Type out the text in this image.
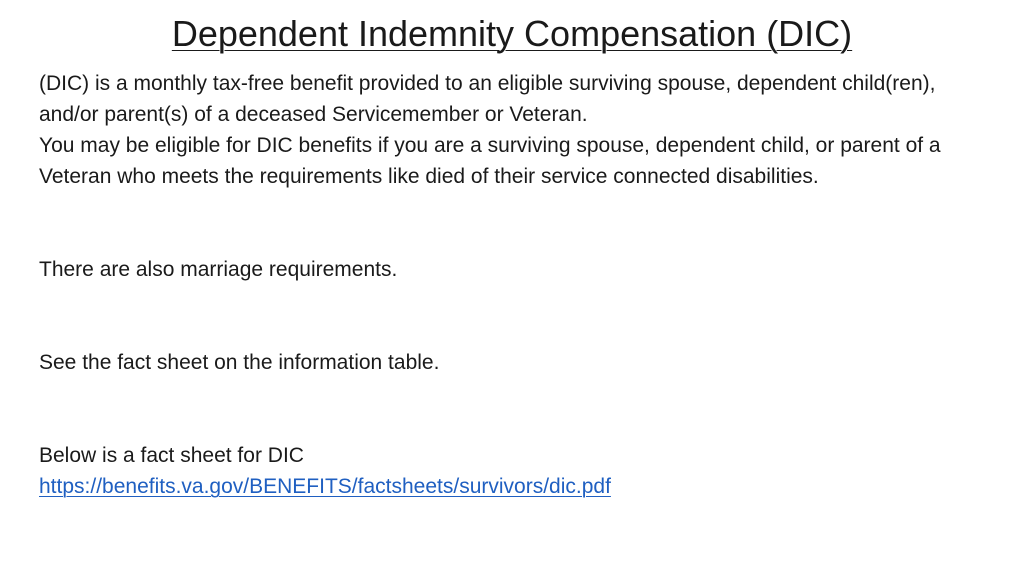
Dependent Indemnity Compensation (DIC)

(DIC) is a monthly tax-free benefit provided to an eligible surviving spouse, dependent child(ren), and/or parent(s) of a deceased Servicemember or Veteran.

You may be eligible for DIC benefits if you are a surviving spouse, dependent child, or parent of a Veteran who meets the requirements like died of their service connected disabilities.

There are also marriage requirements.

See the fact sheet on the information table.

Below is a fact sheet for DIC

https://benefits.va.gov/BENEFITS/factsheets/survivors/dic.pdf
